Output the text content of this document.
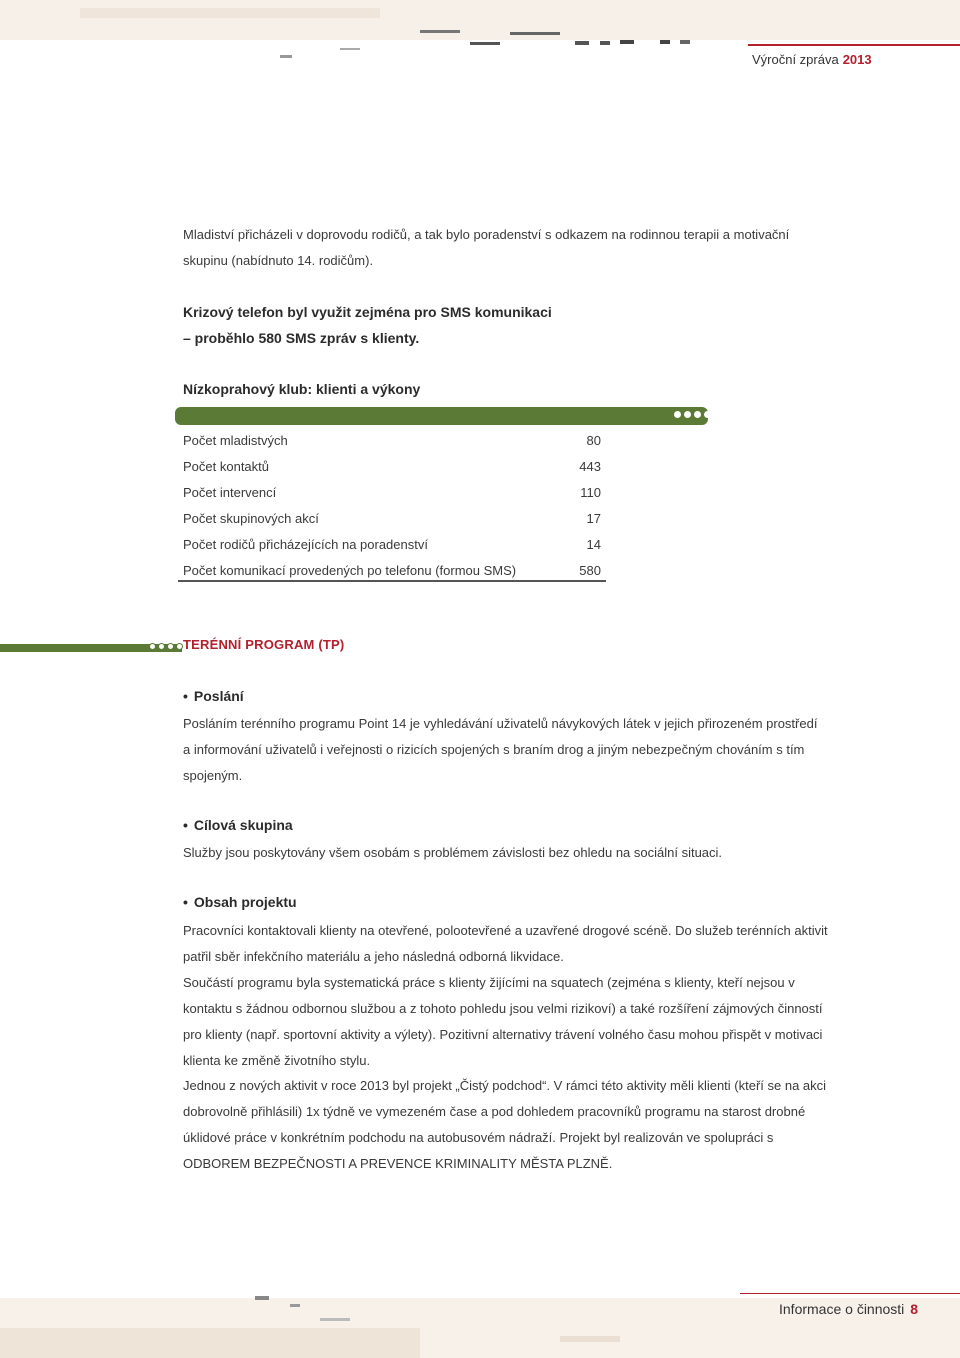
Výroční zpráva 2013

Mladiství přicházeli v doprovodu rodičů, a tak bylo poradenství s odkazem na rodinnou terapii a motivační skupinu (nabídnuto 14. rodičům).

Krizový telefon byl využit zejména pro SMS komunikaci
– proběhlo 580 SMS zpráv s klienty.
Nízkoprahový klub: klienti a výkony
Počet mladistvých	80
Počet kontaktů	443
Počet intervencí	110
Počet skupinových akcí	17
Počet rodičů přicházejících na poradenství	14
Počet komunikací provedených po telefonu (formou SMS)	580
TERÉNNÍ PROGRAM (TP)
• Poslání

Posláním terénního programu Point 14 je vyhledávání uživatelů návykových látek v jejich přirozeném prostředí a informování uživatelů i veřejnosti o rizicích spojených s braním drog a jiným nebezpečným chováním s tím spojeným.

• Cílová skupina

Služby jsou poskytovány všem osobám s problémem závislosti bez ohledu na sociální situaci.

• Obsah projektu

Pracovníci kontaktovali klienty na otevřené, polootevřené a uzavřené drogové scéně. Do služeb terénních aktivit patřil sběr infekčního materiálu a jeho následná odborná likvidace.

Součástí programu byla systematická práce s klienty žijícími na squatech (zejména s klienty, kteří nejsou v kontaktu s žádnou odbornou službou a z tohoto pohledu jsou velmi rizikoví) a také rozšíření zájmových činností pro klienty (např. sportovní aktivity a výlety). Pozitivní alternativy trávení volného času mohou přispět v motivaci klienta ke změně životního stylu.

Jednou z nových aktivit v roce 2013 byl projekt „Čistý podchod“. V rámci této aktivity měli klienti (kteří se na akci dobrovolně přihlásili) 1x týdně ve vymezeném čase a pod dohledem pracovníků programu na starost drobné úklidové práce v konkrétním podchodu na autobusovém nádraží. Projekt byl realizován ve spolupráci s ODBOREM BEZPEČNOSTI A PREVENCE KRIMINALITY MĚSTA PLZNĚ.

Informace o činnosti 8
